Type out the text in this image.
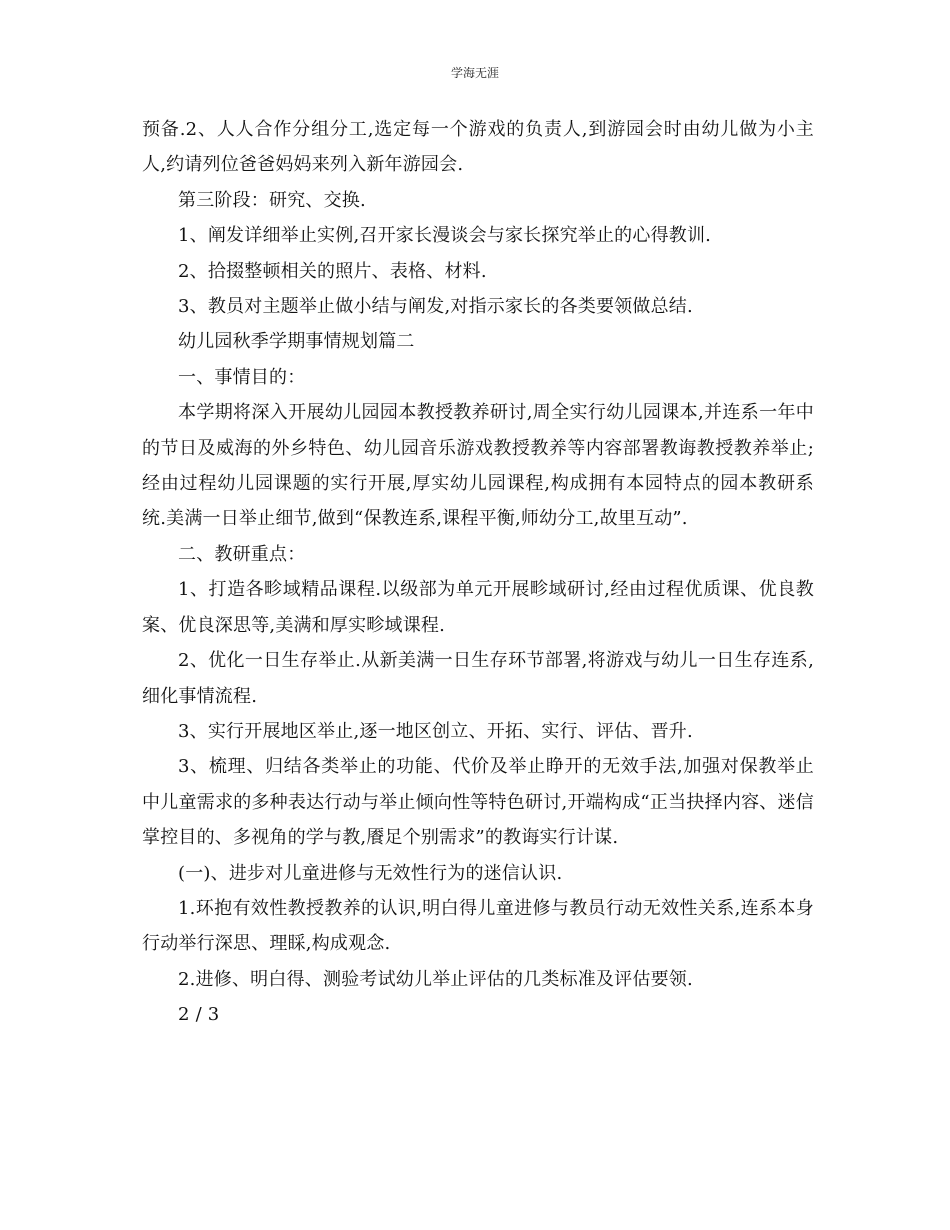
学海无涯

预备.2、人人合作分组分工,选定每一个游戏的负责人,到游园会时由幼儿做为小主人,约请列位爸爸妈妈来列入新年游园会.

第三阶段：研究、交换.

1、阐发详细举止实例,召开家长漫谈会与家长探究举止的心得教训.

2、拾掇整顿相关的照片、表格、材料.

3、教员对主题举止做小结与阐发,对指示家长的各类要领做总结.

幼儿园秋季学期事情规划篇二

一、事情目的：

本学期将深入开展幼儿园园本教授教养研讨,周全实行幼儿园课本,并连系一年中的节日及威海的外乡特色、幼儿园音乐游戏教授教养等内容部署教诲教授教养举止;经由过程幼儿园课题的实行开展,厚实幼儿园课程,构成拥有本园特点的园本教研系统.美满一日举止细节,做到“保教连系,课程平衡,师幼分工,故里互动”.

二、教研重点：

1、打造各畛域精品课程.以级部为单元开展畛域研讨,经由过程优质课、优良教案、优良深思等,美满和厚实畛域课程.

2、优化一日生存举止.从新美满一日生存环节部署,将游戏与幼儿一日生存连系,细化事情流程.

3、实行开展地区举止,逐一地区创立、开拓、实行、评估、晋升.

3、梳理、归结各类举止的功能、代价及举止睁开的无效手法,加强对保教举止中儿童需求的多种表达行动与举止倾向性等特色研讨,开端构成“正当抉择内容、迷信掌控目的、多视角的学与教,餍足个别需求”的教诲实行计谋.

(一)、进步对儿童进修与无效性行为的迷信认识.

1.环抱有效性教授教养的认识,明白得儿童进修与教员行动无效性关系,连系本身行动举行深思、理睬,构成观念.

2.进修、明白得、测验考试幼儿举止评估的几类标准及评估要领.

2 / 3
